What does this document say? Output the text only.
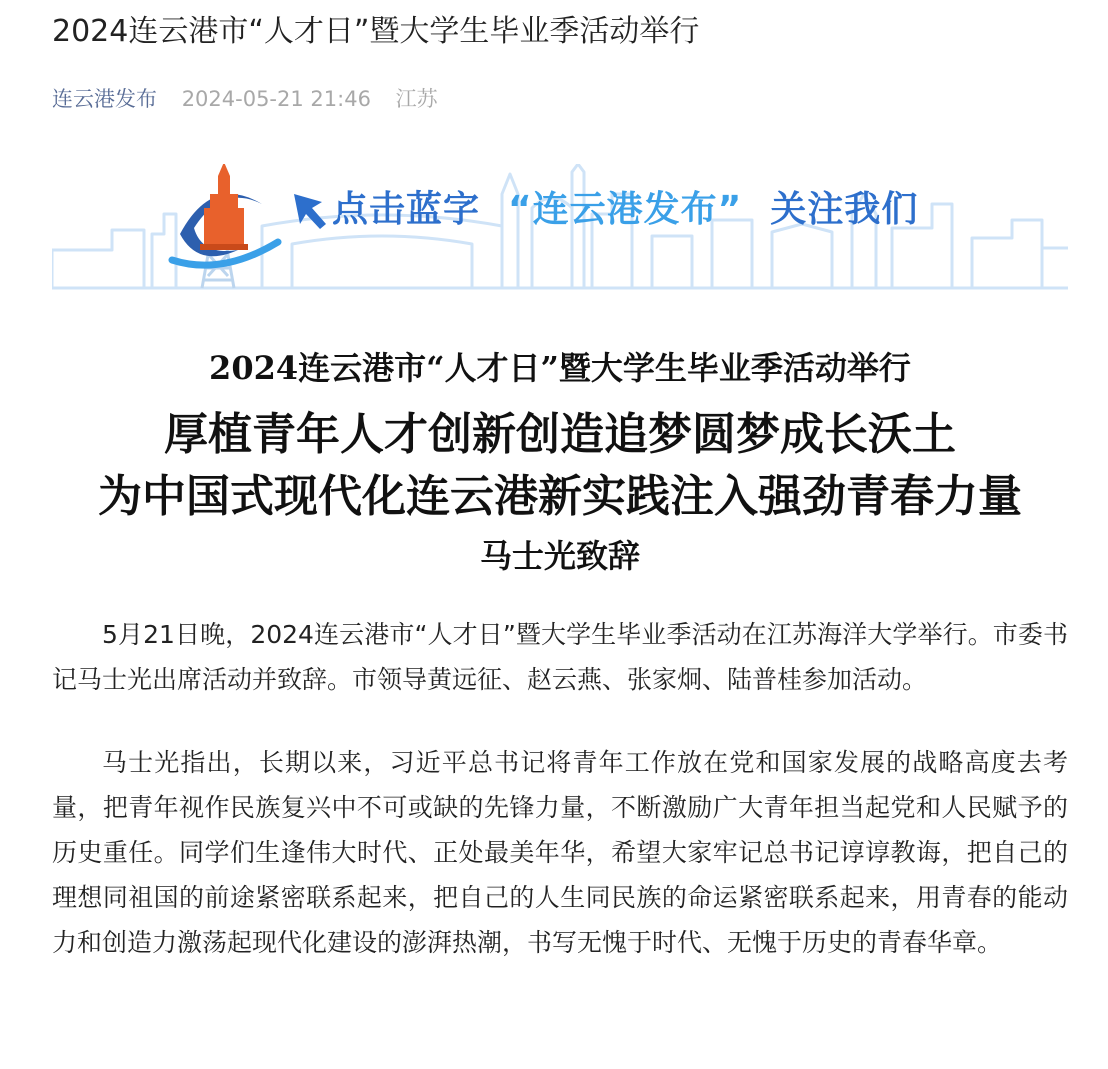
2024连云港市“人才日”暨大学生毕业季活动举行
连云港发布 2024-05-21 21:46 江苏
点击蓝字 “连云港发布” 关注我们
2024连云港市“人才日”暨大学生毕业季活动举行
厚植青年人才创新创造追梦圆梦成长沃土
为中国式现代化连云港新实践注入强劲青春力量
马士光致辞

5月21日晚，2024连云港市“人才日”暨大学生毕业季活动在江苏海洋大学举行。市委书记马士光出席活动并致辞。市领导黄远征、赵云燕、张家炯、陆普桂参加活动。

马士光指出，长期以来，习近平总书记将青年工作放在党和国家发展的战略高度去考量，把青年视作民族复兴中不可或缺的先锋力量，不断激励广大青年担当起党和人民赋予的历史重任。同学们生逢伟大时代、正处最美年华，希望大家牢记总书记谆谆教诲，把自己的理想同祖国的前途紧密联系起来，把自己的人生同民族的命运紧密联系起来，用青春的能动力和创造力激荡起现代化建设的澎湃热潮，书写无愧于时代、无愧于历史的青春华章。
